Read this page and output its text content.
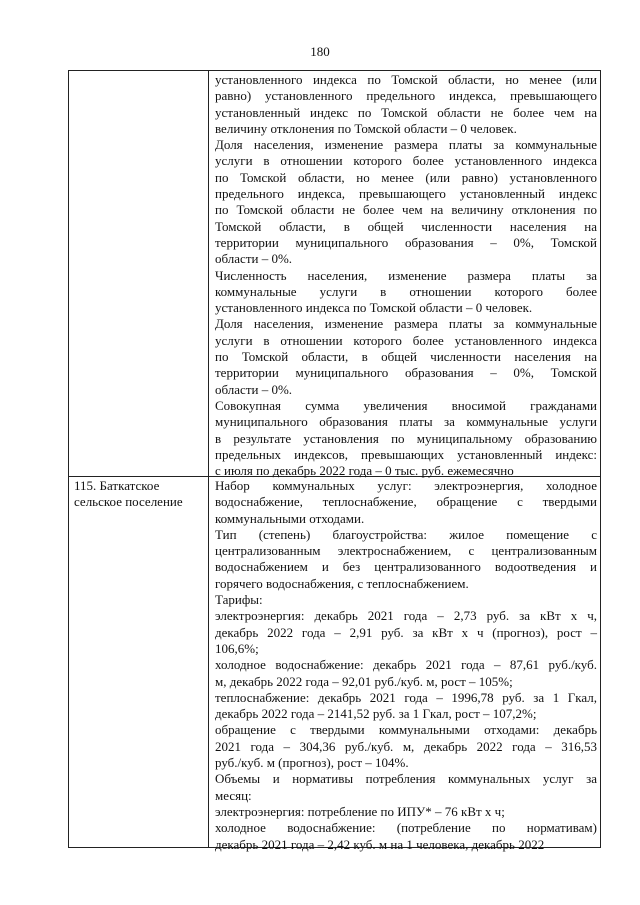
180
115. Баткатское
сельское поселение
установленного индекса по Томской области, но менее (или
равно) установленного предельного индекса, превышающего
установленный индекс по Томской области не более чем на
величину отклонения по Томской области – 0 человек.
Доля населения, изменение размера платы за коммунальные
услуги в отношении которого более установленного индекса
по Томской области, но менее (или равно) установленного
предельного индекса, превышающего установленный индекс
по Томской области не более чем на величину отклонения по
Томской области, в общей численности населения на
территории муниципального образования – 0%, Томской
области – 0%.
Численность населения, изменение размера платы за
коммунальные услуги в отношении которого более
установленного индекса по Томской области – 0 человек.
Доля населения, изменение размера платы за коммунальные
услуги в отношении которого более установленного индекса
по Томской области, в общей численности населения на
территории муниципального образования – 0%, Томской
области – 0%.
Совокупная сумма увеличения вносимой гражданами
муниципального образования платы за коммунальные услуги
в результате установления по муниципальному образованию
предельных индексов, превышающих установленный индекс:
с июля по декабрь 2022 года – 0 тыс. руб. ежемесячно
Набор коммунальных услуг: электроэнергия, холодное
водоснабжение, теплоснабжение, обращение с твердыми
коммунальными отходами.
Тип (степень) благоустройства: жилое помещение с
централизованным электроснабжением, с централизованным
водоснабжением и без централизованного водоотведения и
горячего водоснабжения, с теплоснабжением.
Тарифы:
электроэнергия: декабрь 2021 года – 2,73 руб. за кВт х ч,
декабрь 2022 года – 2,91 руб. за кВт х ч (прогноз), рост –
106,6%;
холодное водоснабжение: декабрь 2021 года – 87,61 руб./куб.
м, декабрь 2022 года – 92,01 руб./куб. м, рост – 105%;
теплоснабжение: декабрь 2021 года – 1996,78 руб. за 1 Гкал,
декабрь 2022 года – 2141,52 руб. за 1 Гкал, рост – 107,2%;
обращение с твердыми коммунальными отходами: декабрь
2021 года – 304,36 руб./куб. м, декабрь 2022 года – 316,53
руб./куб. м (прогноз), рост – 104%.
Объемы и нормативы потребления коммунальных услуг за
месяц:
электроэнергия: потребление по ИПУ* – 76 кВт х ч;
холодное водоснабжение: (потребление по нормативам)
декабрь 2021 года – 2,42 куб. м на 1 человека, декабрь 2022
